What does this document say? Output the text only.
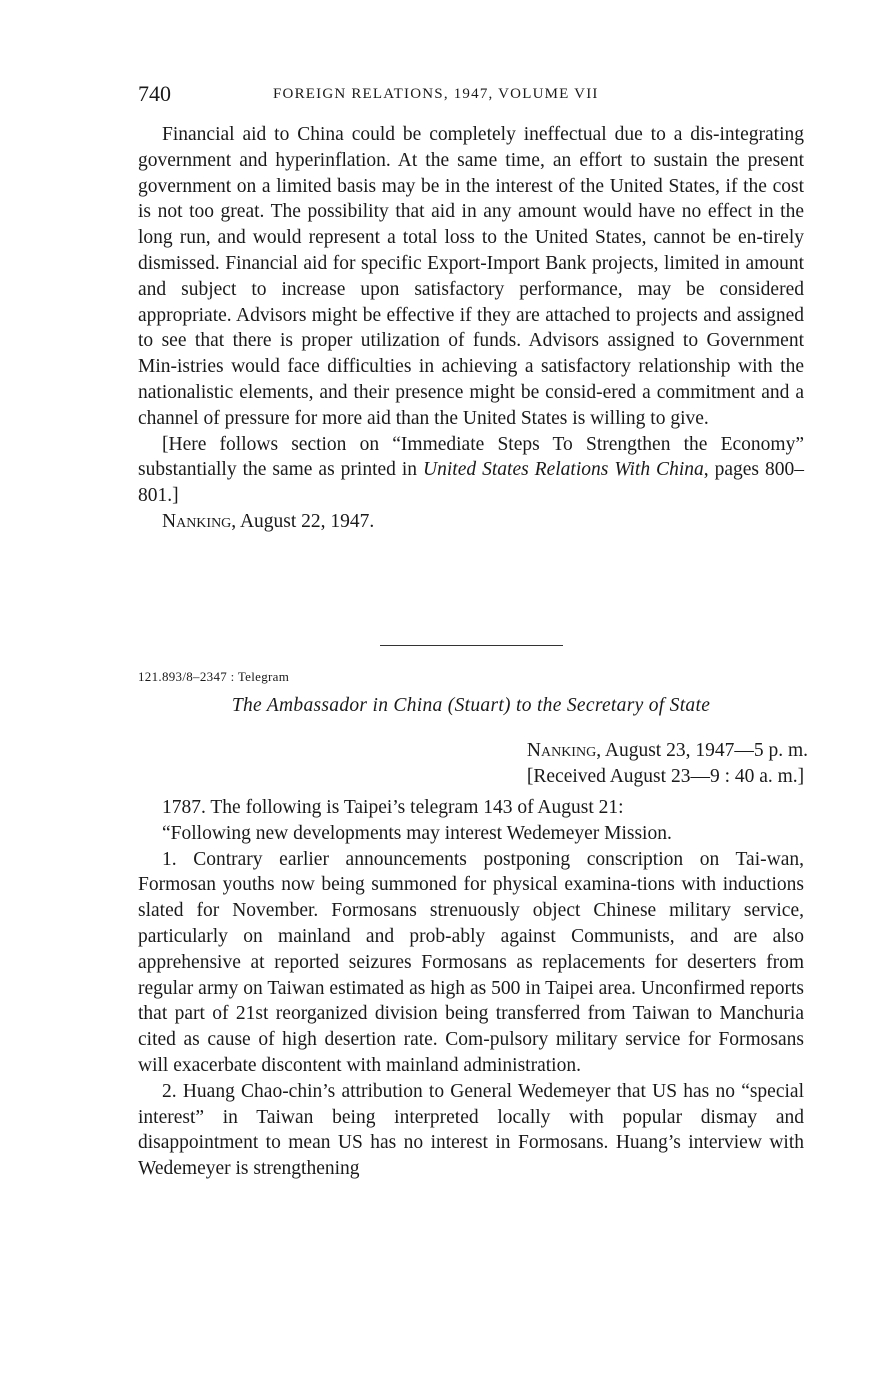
740	FOREIGN RELATIONS, 1947, VOLUME VII

Financial aid to China could be completely ineffectual due to a dis-integrating government and hyperinflation. At the same time, an effort to sustain the present government on a limited basis may be in the interest of the United States, if the cost is not too great. The possibility that aid in any amount would have no effect in the long run, and would represent a total loss to the United States, cannot be en-tirely dismissed. Financial aid for specific Export-Import Bank projects, limited in amount and subject to increase upon satisfactory performance, may be considered appropriate. Advisors might be effective if they are attached to projects and assigned to see that there is proper utilization of funds. Advisors assigned to Government Min-istries would face difficulties in achieving a satisfactory relationship with the nationalistic elements, and their presence might be consid-ered a commitment and a channel of pressure for more aid than the United States is willing to give.

[Here follows section on “Immediate Steps To Strengthen the Economy” substantially the same as printed in United States Relations With China, pages 800–801.]

Nanking, August 22, 1947.

121.893/8–2347 : Telegram
The Ambassador in China (Stuart) to the Secretary of State
Nanking, August 23, 1947—5 p. m.
[Received August 23—9 : 40 a. m.]

1787. The following is Taipei’s telegram 143 of August 21:

“Following new developments may interest Wedemeyer Mission.

1. Contrary earlier announcements postponing conscription on Tai-wan, Formosan youths now being summoned for physical examina-tions with inductions slated for November. Formosans strenuously object Chinese military service, particularly on mainland and prob-ably against Communists, and are also apprehensive at reported seizures Formosans as replacements for deserters from regular army on Taiwan estimated as high as 500 in Taipei area. Unconfirmed reports that part of 21st reorganized division being transferred from Taiwan to Manchuria cited as cause of high desertion rate. Com-pulsory military service for Formosans will exacerbate discontent with mainland administration.

2. Huang Chao-chin’s attribution to General Wedemeyer that US has no “special interest” in Taiwan being interpreted locally with popular dismay and disappointment to mean US has no interest in Formosans. Huang’s interview with Wedemeyer is strengthening
